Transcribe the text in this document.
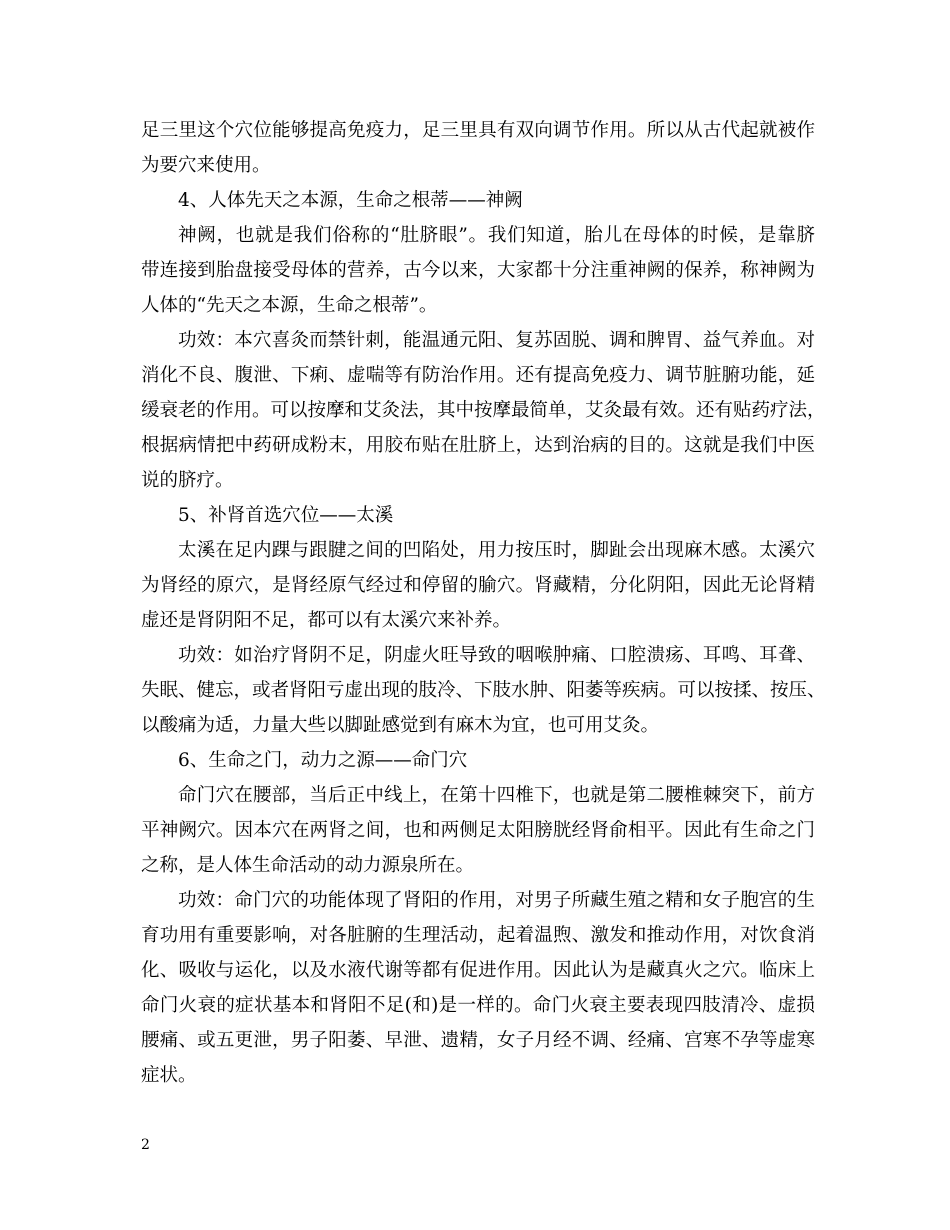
足三里这个穴位能够提高免疫力，足三里具有双向调节作用。所以从古代起就被作
为要穴来使用。
4、人体先天之本源，生命之根蒂——神阙
神阙，也就是我们俗称的“肚脐眼”。我们知道，胎儿在母体的时候，是靠脐
带连接到胎盘接受母体的营养，古今以来，大家都十分注重神阙的保养，称神阙为
人体的“先天之本源，生命之根蒂”。
功效：本穴喜灸而禁针刺，能温通元阳、复苏固脱、调和脾胃、益气养血。对
消化不良、腹泄、下痢、虚喘等有防治作用。还有提高免疫力、调节脏腑功能，延
缓衰老的作用。可以按摩和艾灸法，其中按摩最简单，艾灸最有效。还有贴药疗法，
根据病情把中药研成粉末，用胶布贴在肚脐上，达到治病的目的。这就是我们中医
说的脐疗。
5、补肾首选穴位——太溪
太溪在足内踝与跟腱之间的凹陷处，用力按压时，脚趾会出现麻木感。太溪穴
为肾经的原穴，是肾经原气经过和停留的腧穴。肾藏精，分化阴阳，因此无论肾精
虚还是肾阴阳不足，都可以有太溪穴来补养。
功效：如治疗肾阴不足，阴虚火旺导致的咽喉肿痛、口腔溃疡、耳鸣、耳聋、
失眠、健忘，或者肾阳亏虚出现的肢冷、下肢水肿、阳萎等疾病。可以按揉、按压、
以酸痛为适，力量大些以脚趾感觉到有麻木为宜，也可用艾灸。
6、生命之门，动力之源——命门穴
命门穴在腰部，当后正中线上，在第十四椎下，也就是第二腰椎棘突下，前方
平神阙穴。因本穴在两肾之间，也和两侧足太阳膀胱经肾俞相平。因此有生命之门
之称，是人体生命活动的动力源泉所在。
功效：命门穴的功能体现了肾阳的作用，对男子所藏生殖之精和女子胞宫的生
育功用有重要影响，对各脏腑的生理活动，起着温煦、激发和推动作用，对饮食消
化、吸收与运化，以及水液代谢等都有促进作用。因此认为是藏真火之穴。临床上
命门火衰的症状基本和肾阳不足(和)是一样的。命门火衰主要表现四肢清冷、虚损
腰痛、或五更泄，男子阳萎、早泄、遗精，女子月经不调、经痛、宫寒不孕等虚寒
症状。
2
